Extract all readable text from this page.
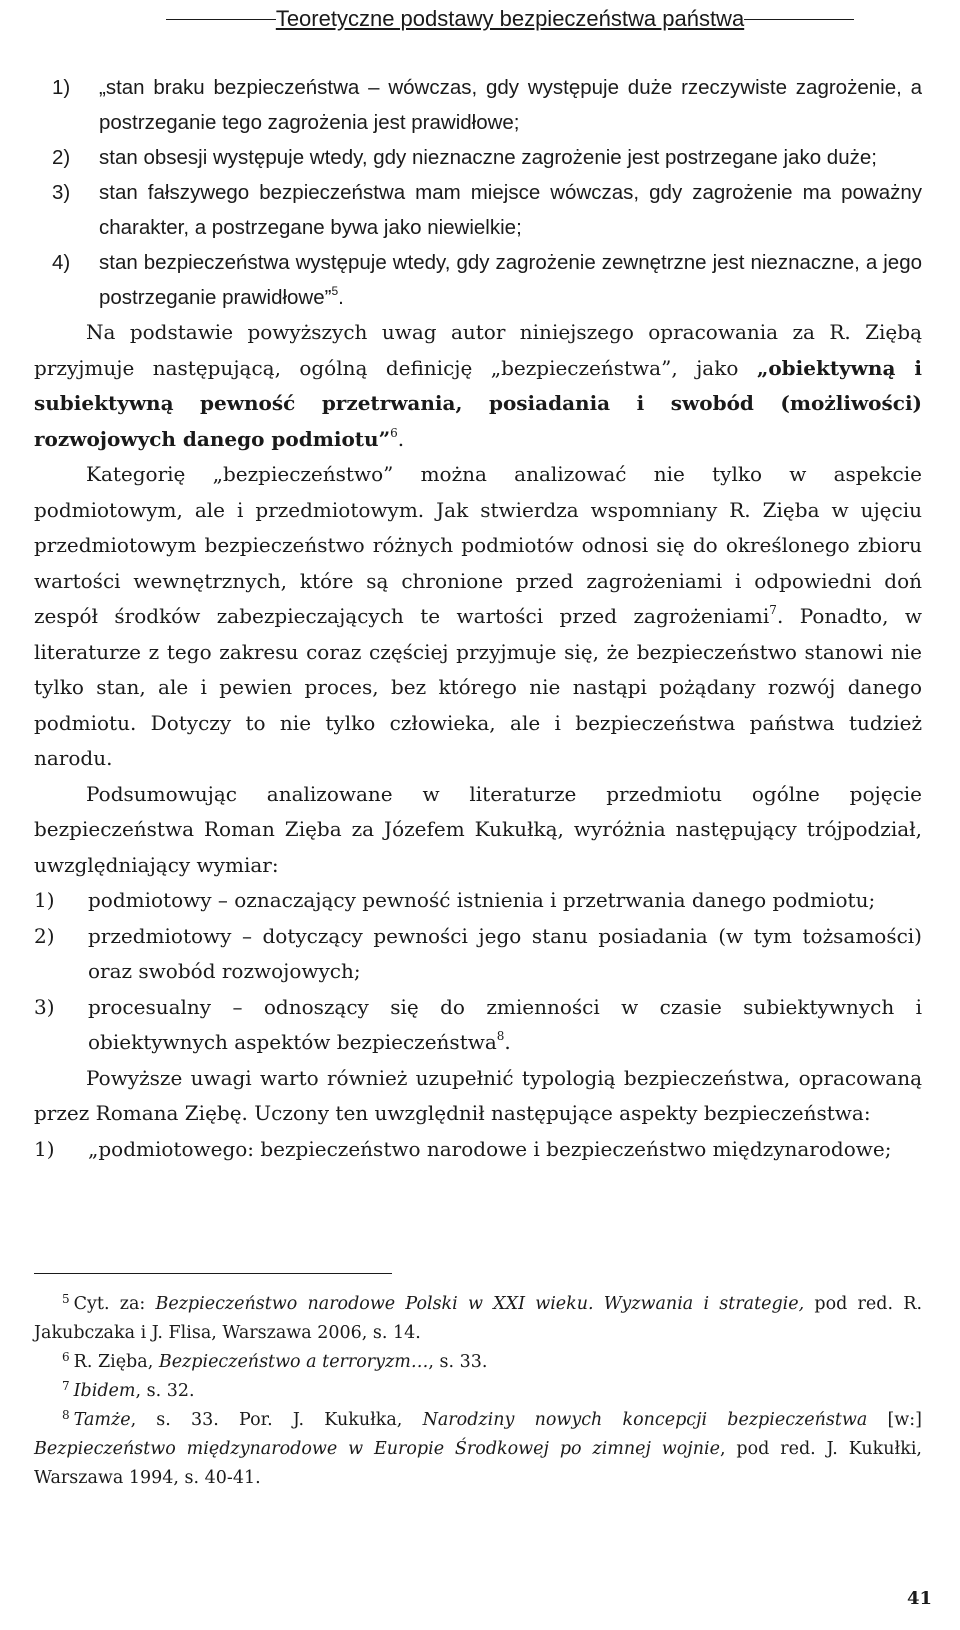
Teoretyczne podstawy bezpieczeństwa państwa
1) „stan braku bezpieczeństwa – wówczas, gdy występuje duże rzeczywiste zagrożenie, a postrzeganie tego zagrożenia jest prawidłowe;
2) stan obsesji występuje wtedy, gdy nieznaczne zagrożenie jest postrzegane jako duże;
3) stan fałszywego bezpieczeństwa mam miejsce wówczas, gdy zagrożenie ma poważny charakter, a postrzegane bywa jako niewielkie;
4) stan bezpieczeństwa występuje wtedy, gdy zagrożenie zewnętrzne jest nieznaczne, a jego postrzeganie prawidłowe”$^5$.

Na podstawie powyższych uwag autor niniejszego opracowania za R. Ziębą przyjmuje następującą, ogólną definicję „bezpieczeństwa”, jako „obiektywną i subiektywną pewność przetrwania, posiadania i swobód (możliwości) rozwojowych danego podmiotu”$^6$.

Kategorię „bezpieczeństwo” można analizować nie tylko w aspekcie podmiotowym, ale i przedmiotowym. Jak stwierdza wspomniany R. Zięba w ujęciu przedmiotowym bezpieczeństwo różnych podmiotów odnosi się do określonego zbioru wartości wewnętrznych, które są chronione przed zagrożeniami i odpowiedni doń zespół środków zabezpieczających te wartości przed zagrożeniami$^7$. Ponadto, w literaturze z tego zakresu coraz częściej przyjmuje się, że bezpieczeństwo stanowi nie tylko stan, ale i pewien proces, bez którego nie nastąpi pożądany rozwój danego podmiotu. Dotyczy to nie tylko człowieka, ale i bezpieczeństwa państwa tudzież narodu.

Podsumowując analizowane w literaturze przedmiotu ogólne pojęcie bezpieczeństwa Roman Zięba za Józefem Kukułką, wyróżnia następujący trójpodział, uwzględniający wymiar:

1) podmiotowy – oznaczający pewność istnienia i przetrwania danego podmiotu;
2) przedmiotowy – dotyczący pewności jego stanu posiadania (w tym tożsamości) oraz swobód rozwojowych;
3) procesualny – odnoszący się do zmienności w czasie subiektywnych i obiektywnych aspektów bezpieczeństwa$^8$.

Powyższe uwagi warto również uzupełnić typologią bezpieczeństwa, opracowaną przez Romana Ziębę. Uczony ten uwzględnił następujące aspekty bezpieczeństwa:

1) „podmiotowego: bezpieczeństwo narodowe i bezpieczeństwo międzynarodowe;

$^5$ Cyt. za: Bezpieczeństwo narodowe Polski w XXI wieku. Wyzwania i strategie, pod red. R. Jakubczaka i J. Flisa, Warszawa 2006, s. 14.

$^6$ R. Zięba, Bezpieczeństwo a terroryzm…, s. 33.

$^7$ Ibidem, s. 32.

$^8$ Tamże, s. 33. Por. J. Kukułka, Narodziny nowych koncepcji bezpieczeństwa [w:] Bezpieczeństwo międzynarodowe w Europie Środkowej po zimnej wojnie, pod red. J. Kukułki, Warszawa 1994, s. 40-41.

41
